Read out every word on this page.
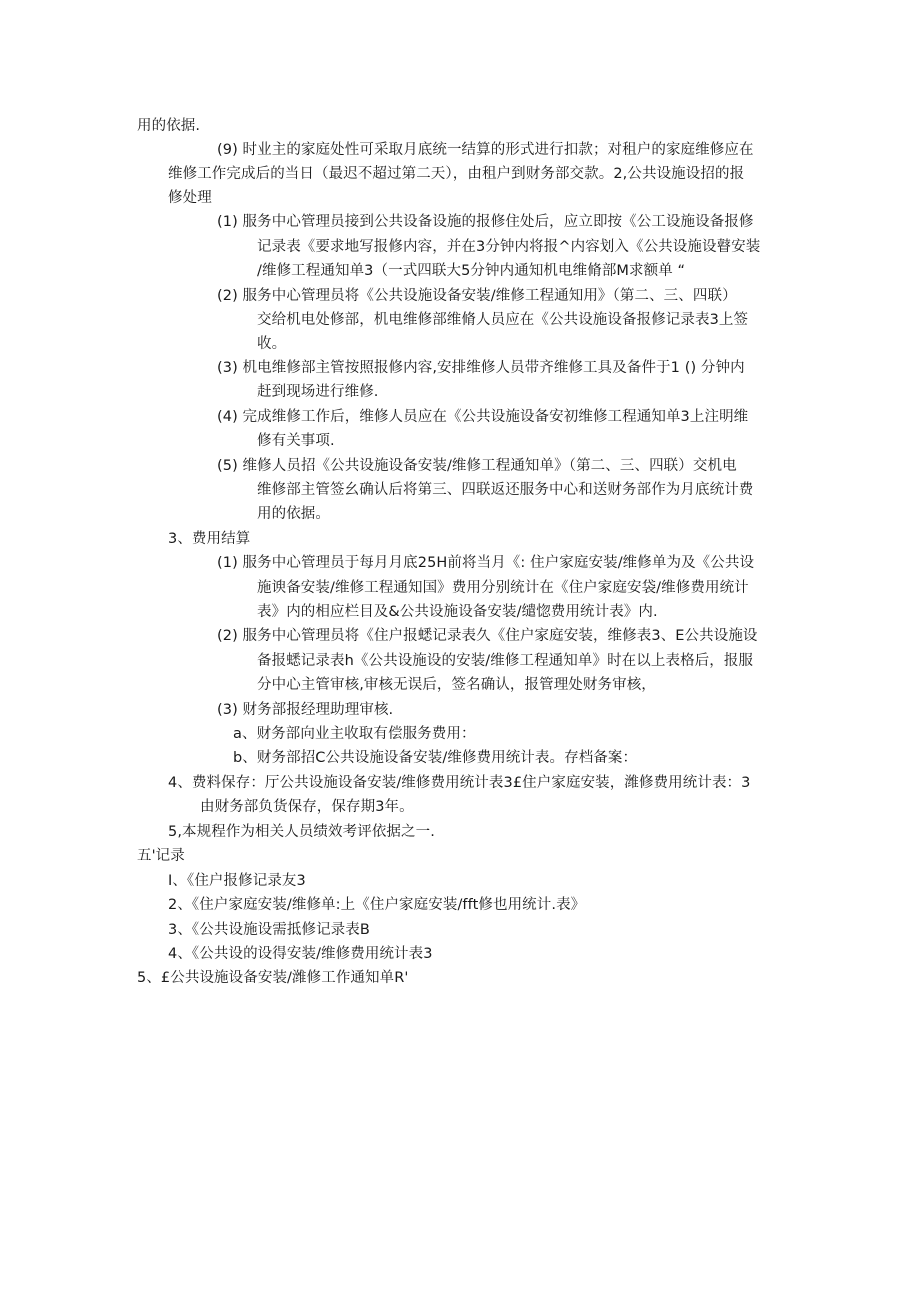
用的依据.
(9) 时业主的家庭处性可采取月底统一结算的形式进行扣款；对租户的家庭维修应在
维修工作完成后的当日（最迟不超过第二天），由租户到财务部交款。2,公共设施设招的报
修处理
(1) 服务中心管理员接到公共设备设施的报修住处后，应立即按《公工设施设备报修
记录表《要求地写报修内容，并在3分钟内将报^内容划入《公共设施设瞽安装
/维修工程通知单3（一式四联大5分钟内通知机电维脩部M求额单 “
(2) 服务中心管理员将《公共设施设备安装/维修工程通知用》（第二、三、四联）
交给机电处修部，机电维修部维脩人员应在《公共设施设备报修记录表3上签
收。
(3) 机电维修部主管按照报修内容,安排维修人员带齐维修工具及备件于1 () 分钟内
赶到现场进行维修.
(4) 完成维修工作后，维修人员应在《公共设施设备安初维修工程通知单3上注明维
修有关事项.
(5) 维修人员招《公共设施设备安装/维修工程通知单》（第二、三、四联）交机电
维修部主管签幺确认后将第三、四联返还服务中心和送财务部作为月底统计费
用的依据。
3、费用结算
(1) 服务中心管理员于每月月底25H前将当月《: 住户家庭安装/维修单为及《公共设
施谀备安装/维修工程通知国》费用分别统计在《住户家庭安袋/维修费用统计
表》内的相应栏目及&公共设施设备安装/缱惚费用统计表》内.
(2) 服务中心管理员将《住户报蟋记录表久《住户家庭安装，维修表3、E公共设施设
备报蟋记录表h《公共设施设的安装/维修工程通知单》时在以上表格后，报服
分中心主管审核,审核无误后，签名确认，报管理处财务审核，
(3) 财务部报经理助理审核.
a、财务部向业主收取有偿服务费用：
b、财务部招C公共设施设备安装/维修费用统计表。存档备案：
4、费料保存：厅公共设施设备安装/维修费用统计表3£住户家庭安装，潍修费用统计表：3
由财务部负货保存，保存期3年。
5,本规程作为相关人员绩效考评依据之一.
五'记录
I、《住户报修记录友3
2、《住户家庭安装/维修单:上《住户家庭安装/fft修也用统计.表》
3、《公共设施设需抵修记录表B
4、《公共设的设得安装/维修费用统计表3
5、£公共设施设备安装/潍修工作通知单R'
